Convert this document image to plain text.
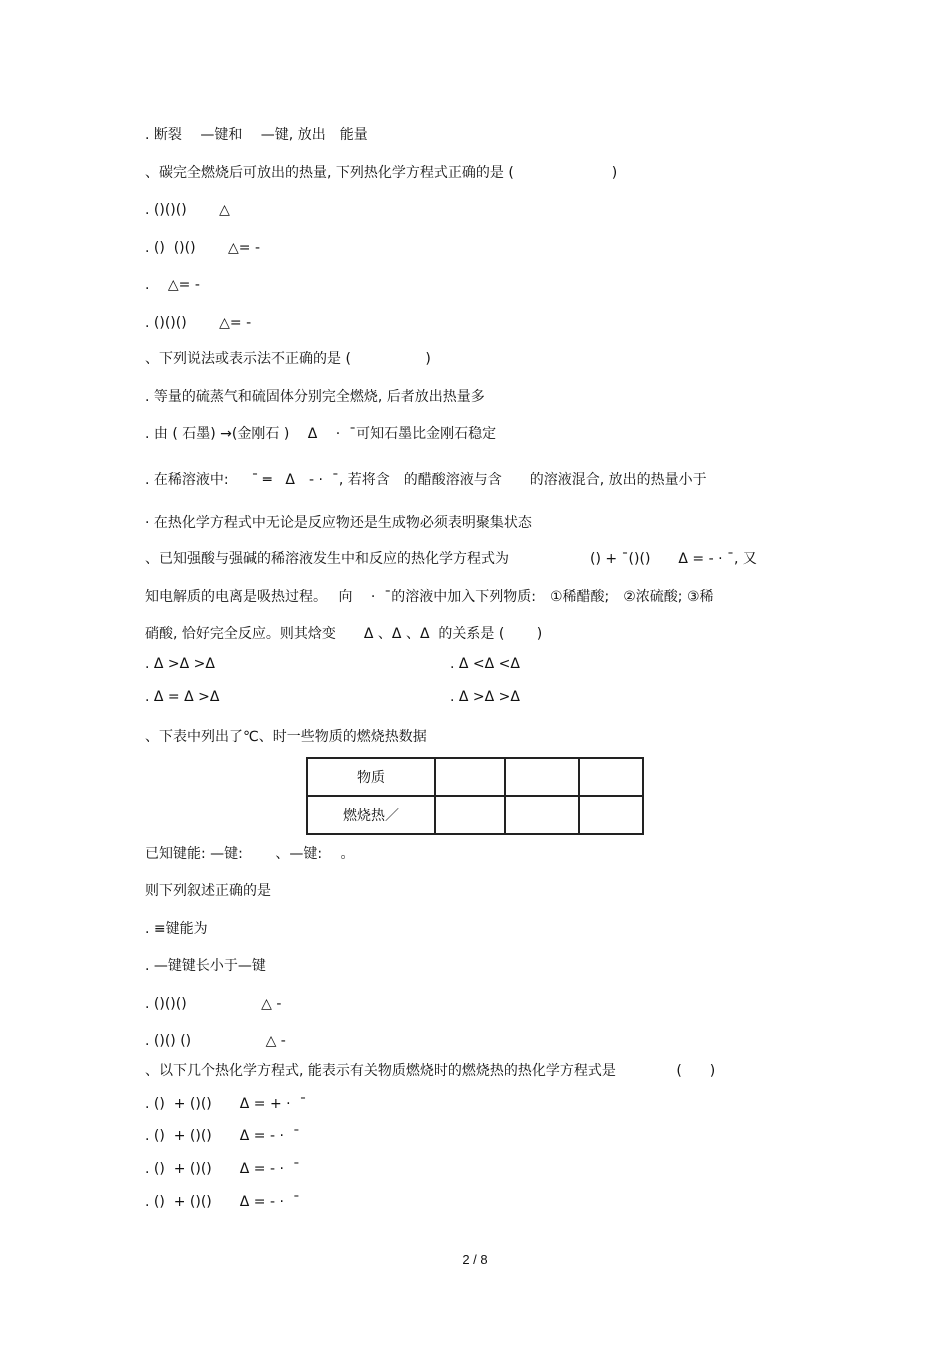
. 断裂　 —键和　 —键, 放出　能量
、碳完全燃烧后可放出的热量, 下列热化学方程式正确的是 (　　　　　　　)
. ()()()　　 △
. ()  ()()　　 △= -
.　 △= -
. ()()()　　 △= -
、下列说法或表示法不正确的是 (　　　　　 )
. 等量的硫蒸气和硫固体分别完全燃烧, 后者放出热量多
. 由 ( 石墨) →(金刚石 )　 Δ　 ·  ¯可知石墨比金刚石稳定
. 在稀溶液中:　  ¯ ═　Δ　- ·  ¯, 若将含　的醋酸溶液与含　　的溶液混合, 放出的热量小于
· 在热化学方程式中无论是反应物还是生成物必须表明聚集状态
、已知强酸与强碱的稀溶液发生中和反应的热化学方程式为	() + ¯()()　　Δ = - · ¯, 又
知电解质的电离是吸热过程。　 向　 ·  ¯的溶液中加入下列物质:　①稀醋酸;　②浓硫酸; ③稀
硝酸, 恰好完全反应。则其焓变　　Δ 、Δ 、Δ  的关系是 (　　 )
. Δ >Δ >Δ	. Δ <Δ <Δ
. Δ = Δ >Δ	. Δ >Δ >Δ
、下表中列出了℃、时一些物质的燃烧热数据
物质			
燃烧热／			
已知键能: —键:　　 、—键:　 。
则下列叙述正确的是
. ≡键能为
. —键键长小于—键
. ()()()　　　　　 △ -
. ()() ()　　　　　 △ -
、以下几个热化学方程式, 能表示有关物质燃烧时的燃烧热的热化学方程式是　　　　 (　　)
. ()  + ()()　　Δ = + ·  ¯
. ()  + ()()　　Δ = - ·  ¯
. ()  + ()()　　Δ = - ·  ¯
. ()  + ()()　　Δ = - ·  ¯
2 / 8
